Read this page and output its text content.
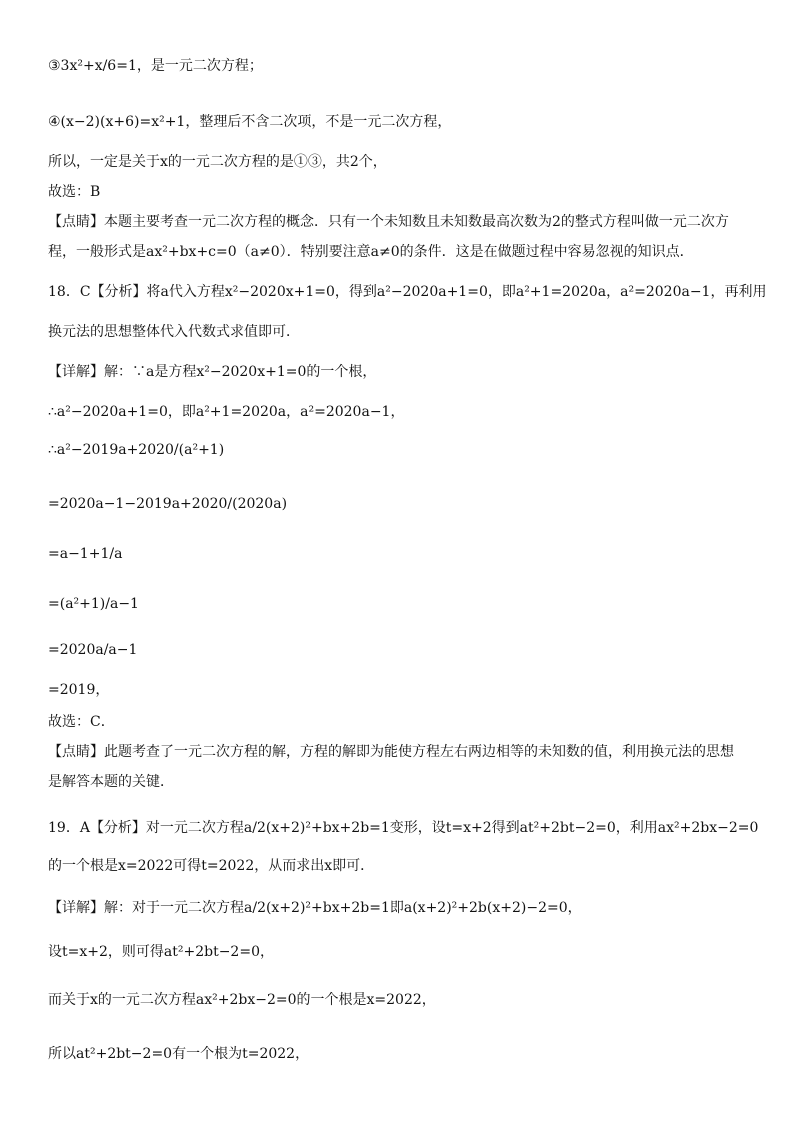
③3x²+x/6=1，是一元二次方程；
④(x−2)(x+6)=x²+1，整理后不含二次项，不是一元二次方程，
所以，一定是关于x的一元二次方程的是①③，共2个，
故选：B
【点睛】本题主要考查一元二次方程的概念．只有一个未知数且未知数最高次数为2的整式方程叫做一元二次方
程，一般形式是ax²+bx+c=0（a≠0）．特别要注意a≠0的条件．这是在做题过程中容易忽视的知识点．
18．C【分析】将a代入方程x²−2020x+1=0，得到a²−2020a+1=0，即a²+1=2020a，a²=2020a−1，再利用
换元法的思想整体代入代数式求值即可．
【详解】解：∵a是方程x²−2020x+1=0的一个根，
∴a²−2020a+1=0，即a²+1=2020a，a²=2020a−1，
∴a²−2019a+2020/(a²+1)
=2020a−1−2019a+2020/(2020a)
=a−1+1/a
=(a²+1)/a−1
=2020a/a−1
=2019，
故选：C．
【点睛】此题考查了一元二次方程的解，方程的解即为能使方程左右两边相等的未知数的值，利用换元法的思想
是解答本题的关键．
19．A【分析】对一元二次方程a/2(x+2)²+bx+2b=1变形，设t=x+2得到at²+2bt−2=0，利用ax²+2bx−2=0
的一个根是x=2022可得t=2022，从而求出x即可．
【详解】解：对于一元二次方程a/2(x+2)²+bx+2b=1即a(x+2)²+2b(x+2)−2=0，
设t=x+2，则可得at²+2bt−2=0，
而关于x的一元二次方程ax²+2bx−2=0的一个根是x=2022，
所以at²+2bt−2=0有一个根为t=2022，
